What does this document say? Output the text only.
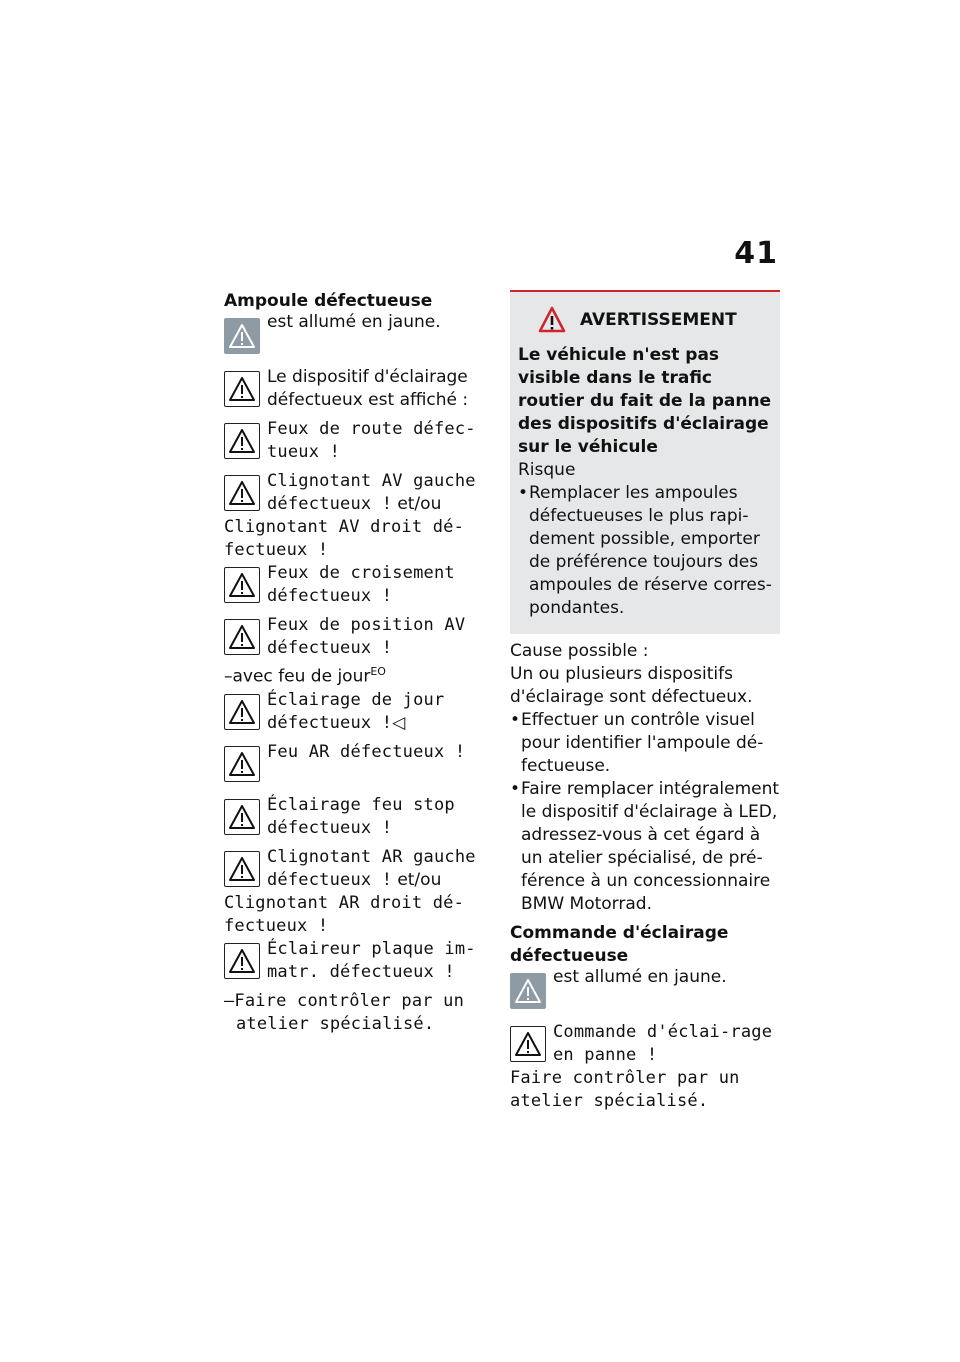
41
Ampoule défectueuse
est allumé en jaune.
Le dispositif d'éclairage défectueux est affiché :
Feux de route défec-tueux !
Clignotant AV gauche défectueux ! et/ou
Clignotant AV droit dé-fectueux !
Feux de croisement défectueux !
Feux de position AV défectueux !
–avec feu de jour$^{EO}$
Éclairage de jour défectueux !◁
Feu AR défectueux !
Éclairage feu stop défectueux !
Clignotant AR gauche défectueux ! et/ou
Clignotant AR droit dé-fectueux !
Éclaireur plaque im-matr. défectueux !
–Faire contrôler par un atelier spécialisé.
AVERTISSEMENT
Le véhicule n'est pas visible dans le trafic routier du fait de la panne des dispositifs d'éclairage sur le véhicule
Risque
•
Remplacer les ampoules défectueuses le plus rapi-dement possible, emporter de préférence toujours des ampoules de réserve corres-pondantes.
Cause possible :
Un ou plusieurs dispositifs d'éclairage sont défectueux.
•
Effectuer un contrôle visuel pour identifier l'ampoule dé-fectueuse.
•
Faire remplacer intégralement le dispositif d'éclairage à LED, adressez-vous à cet égard à un atelier spécialisé, de pré-férence à un concessionnaire BMW Motorrad.
Commande d'éclairage défectueuse
est allumé en jaune.
Commande d'éclai-rage en panne !
Faire contrôler par un atelier spécialisé.
